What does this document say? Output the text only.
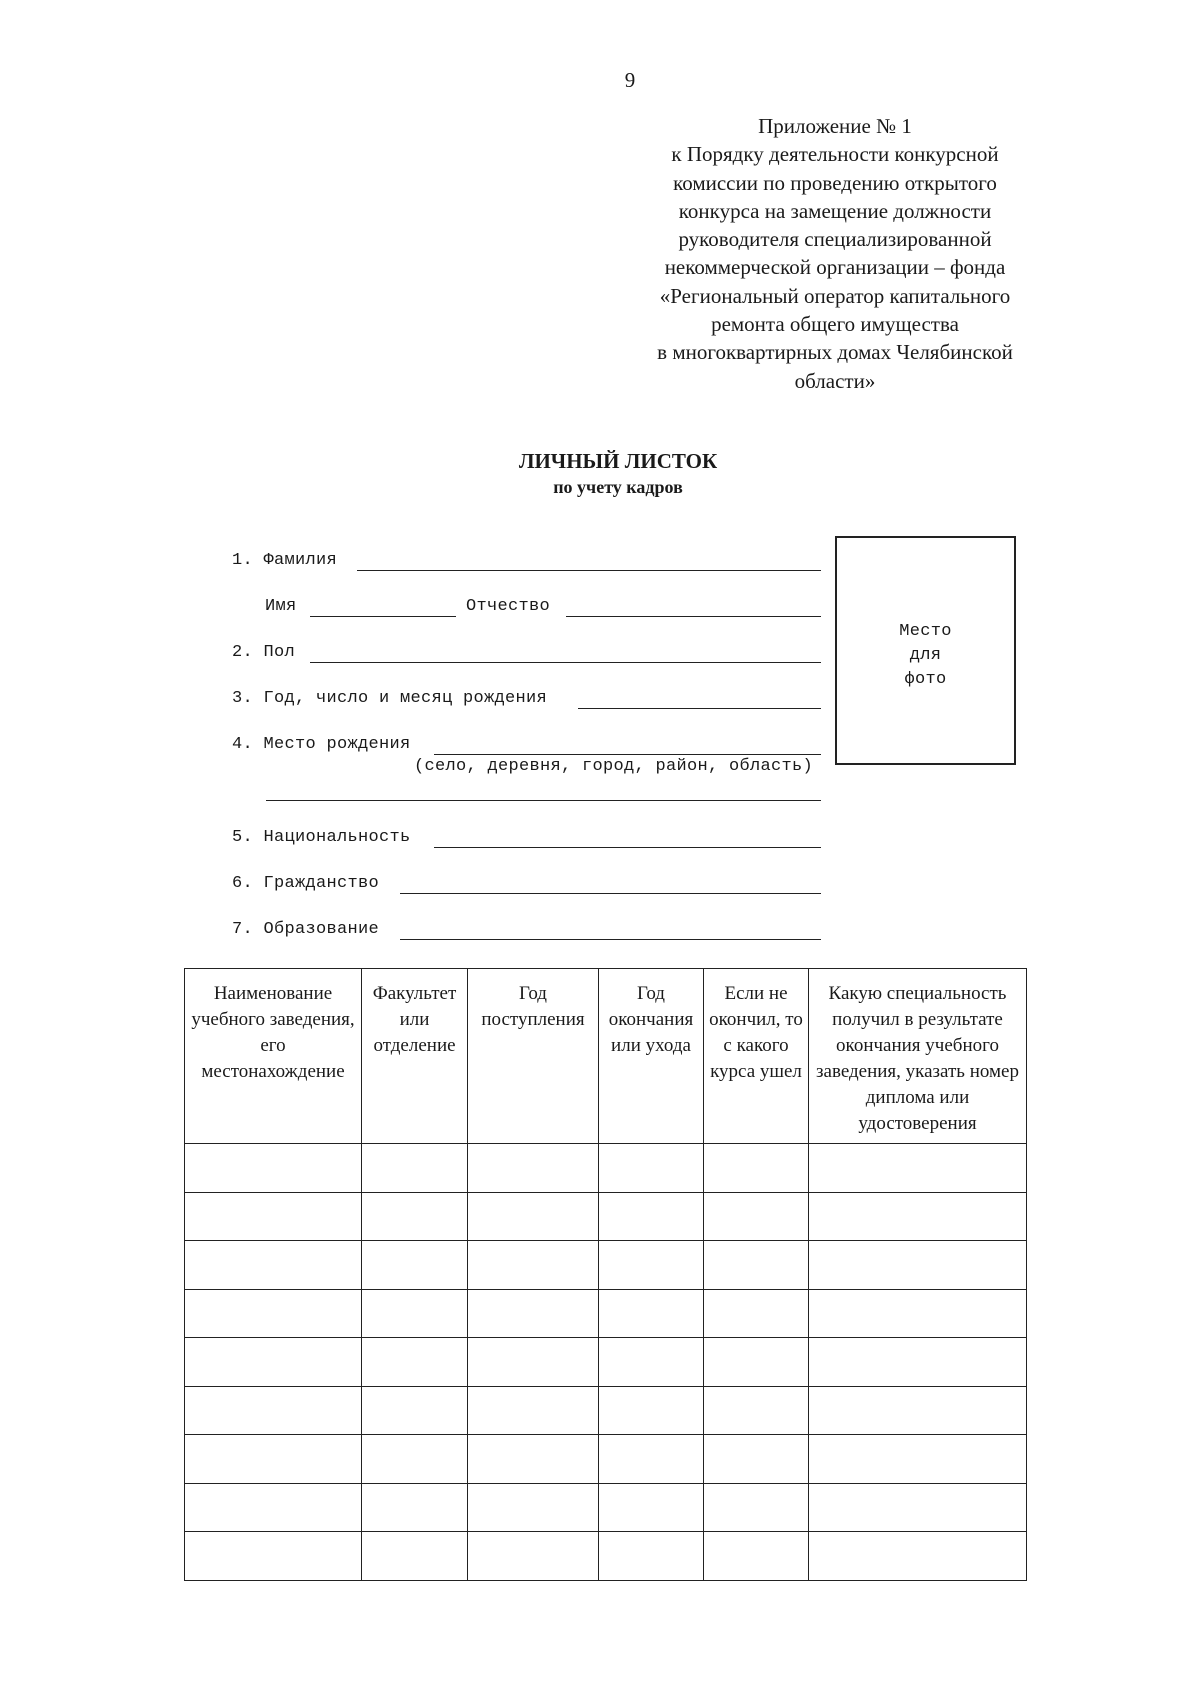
9
Приложение № 1
к Порядку деятельности конкурсной
комиссии по проведению открытого
конкурса на замещение должности
руководителя специализированной
некоммерческой организации – фонда
«Региональный оператор капитального
ремонта общего имущества
в многоквартирных домах Челябинской
области»
ЛИЧНЫЙ ЛИСТОК
по учету кадров
1. Фамилия
Имя	Отчество
2. Пол
3. Год, число и месяц рождения
4. Место рождения
(село, деревня, город, район, область)
5. Национальность
6. Гражданство
7. Образование
Место
для
фото
Наименование учебного заведения, его местонахождение	Факультет или отделение	Год поступления	Год окончания или ухода	Если не окончил, то с какого курса ушел	Какую специальность получил в результате окончания учебного заведения, указать номер диплома или удостоверения
